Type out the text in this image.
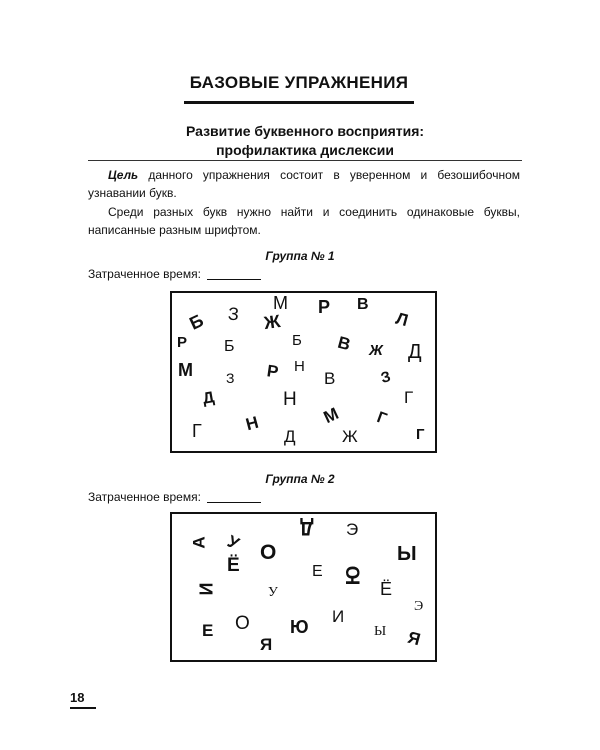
БАЗОВЫЕ УПРАЖНЕНИЯ
Развитие буквенного восприятия:
профилактика дислексии
Цель данного упражнения состоит в уверенном и безошибочном узнавании букв.
Среди разных букв нужно найти и соединить одинаковые буквы, написанные разным шрифтом.
Группа № 1
Затраченное время:
Б З
М
Ж
Р В
Л
Р Б	Б В Ж Д
М З Р Н
В	З
Д	Н	Г
М
Г Н
Д	Ж
Г
Г
Группа № 2
Затраченное время:
А У
Д Э
О
Ё
Ы
И
Е Ю
У	Ё
Э
Е О Ю
И
Ы
Я	Я
18
